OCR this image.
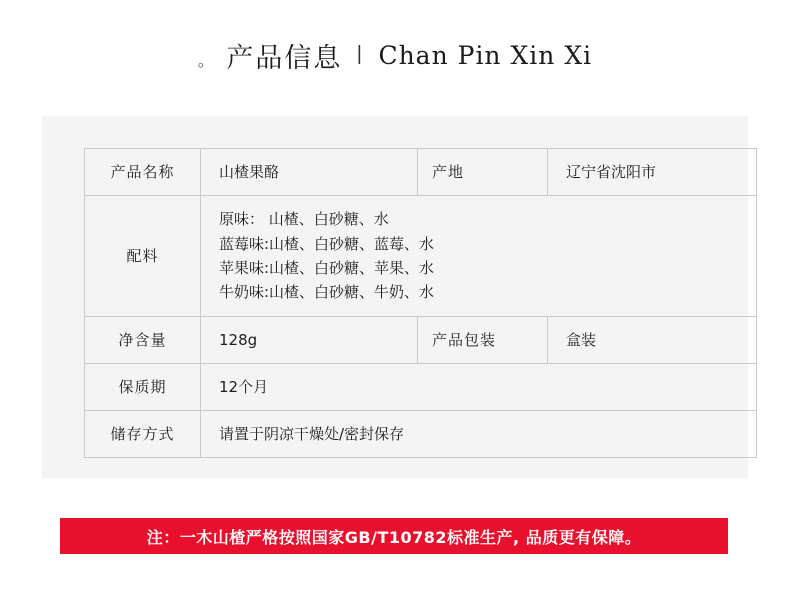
。 产品信息 | Chan Pin Xin Xi
产品名称	山楂果酪	产地	辽宁省沈阳市
配料	原味： 山楂、白砂糖、水
蓝莓味:山楂、白砂糖、蓝莓、水
苹果味:山楂、白砂糖、苹果、水
牛奶味:山楂、白砂糖、牛奶、水		

净含量	128g	产品包装	盒装
保质期	12个月		
储存方式	请置于阴凉干燥处/密封保存		
注：一木山楂严格按照国家GB/T10782标准生产, 品质更有保障。
